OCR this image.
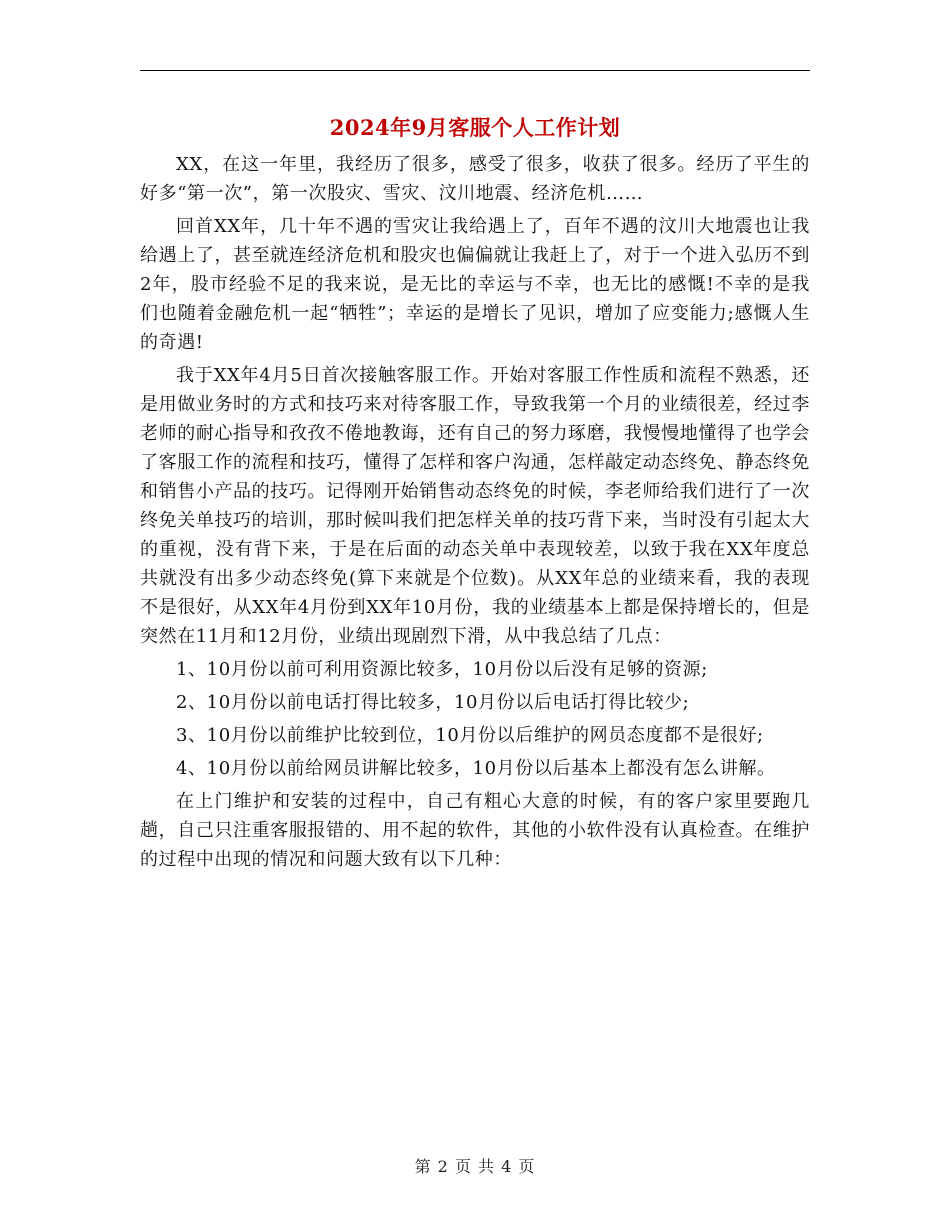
2024年9月客服个人工作计划

XX，在这一年里，我经历了很多，感受了很多，收获了很多。经历了平生的好多“第一次”，第一次股灾、雪灾、汶川地震、经济危机……

回首XX年，几十年不遇的雪灾让我给遇上了，百年不遇的汶川大地震也让我给遇上了，甚至就连经济危机和股灾也偏偏就让我赶上了，对于一个进入弘历不到2年，股市经验不足的我来说，是无比的幸运与不幸，也无比的感慨!不幸的是我们也随着金融危机一起“牺牲”；幸运的是增长了见识，增加了应变能力;感慨人生的奇遇!

我于XX年4月5日首次接触客服工作。开始对客服工作性质和流程不熟悉，还是用做业务时的方式和技巧来对待客服工作，导致我第一个月的业绩很差，经过李老师的耐心指导和孜孜不倦地教诲，还有自己的努力琢磨，我慢慢地懂得了也学会了客服工作的流程和技巧，懂得了怎样和客户沟通，怎样敲定动态终免、静态终免和销售小产品的技巧。记得刚开始销售动态终免的时候，李老师给我们进行了一次终免关单技巧的培训，那时候叫我们把怎样关单的技巧背下来，当时没有引起太大的重视，没有背下来，于是在后面的动态关单中表现较差，以致于我在XX年度总共就没有出多少动态终免(算下来就是个位数)。从XX年总的业绩来看，我的表现不是很好，从XX年4月份到XX年10月份，我的业绩基本上都是保持增长的，但是突然在11月和12月份，业绩出现剧烈下滑，从中我总结了几点：

1、10月份以前可利用资源比较多，10月份以后没有足够的资源;

2、10月份以前电话打得比较多，10月份以后电话打得比较少;

3、10月份以前维护比较到位，10月份以后维护的网员态度都不是很好;

4、10月份以前给网员讲解比较多，10月份以后基本上都没有怎么讲解。

在上门维护和安装的过程中，自己有粗心大意的时候，有的客户家里要跑几趟，自己只注重客服报错的、用不起的软件，其他的小软件没有认真检查。在维护的过程中出现的情况和问题大致有以下几种：

第 2 页 共 4 页
